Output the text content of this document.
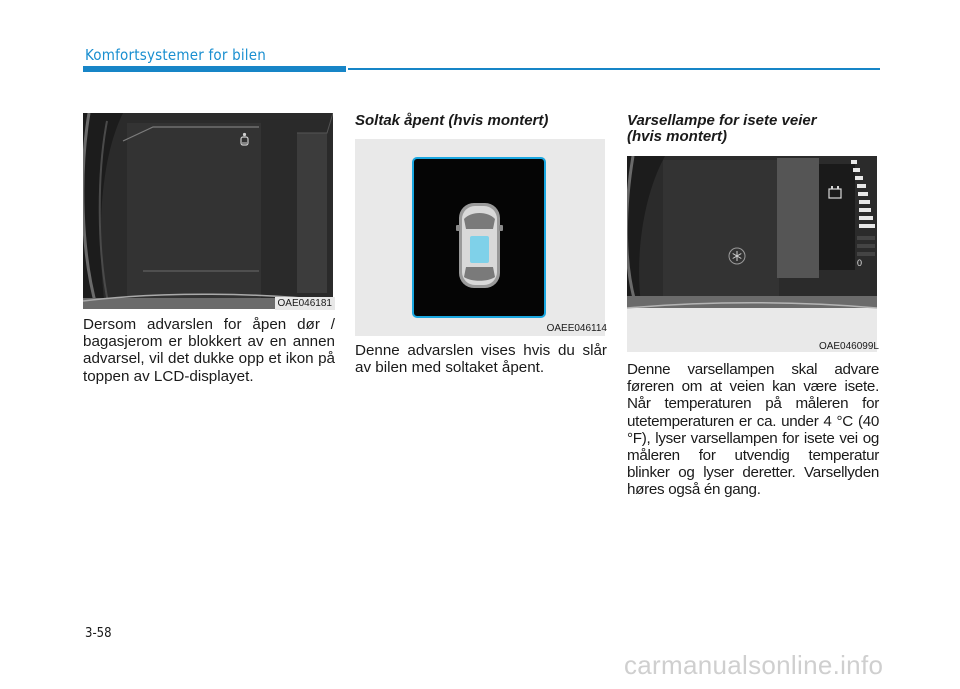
Komfortsystemer for bilen
OAE046181
Dersom advarslen for åpen dør / bagasjerom er blokkert av en annen advarsel, vil det dukke opp et ikon på toppen av LCD-displayet.
Soltak åpent (hvis montert)
OAEE046114
Denne advarslen vises hvis du slår av bilen med soltaket åpent.
Varsellampe for isete veier
(hvis montert)
0
OAE046099L
Denne varsellampen skal advare føreren om at veien kan være isete. Når temperaturen på måleren for utetemperaturen er ca. under 4 °C (40 °F), lyser varsellampen for isete vei og måleren for utvendig temperatur blinker og lyser deretter. Varsellyden høres også én gang.
3-58
carmanualsonline.info
